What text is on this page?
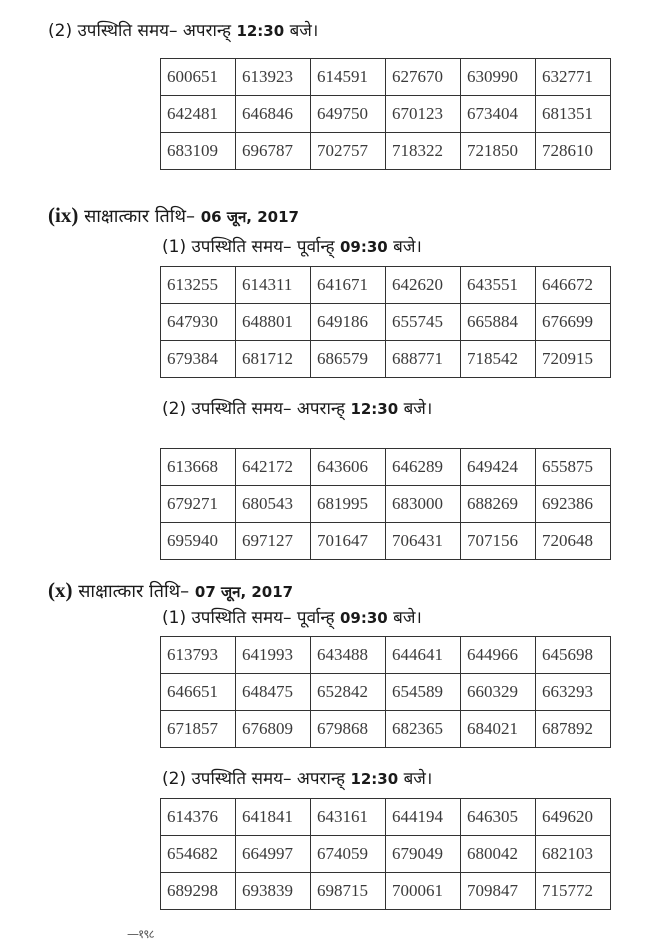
(2) उपस्थिति समय– अपरान्ह् 12:30 बजे।
600651	613923	614591	627670	630990	632771
642481	646846	649750	670123	673404	681351
683109	696787	702757	718322	721850	728610
(ix) साक्षात्कार तिथि– 06 जून, 2017
(1) उपस्थिति समय– पूर्वान्ह् 09:30 बजे।
613255	614311	641671	642620	643551	646672
647930	648801	649186	655745	665884	676699
679384	681712	686579	688771	718542	720915
(2) उपस्थिति समय– अपरान्ह् 12:30 बजे।
613668	642172	643606	646289	649424	655875
679271	680543	681995	683000	688269	692386
695940	697127	701647	706431	707156	720648
(x) साक्षात्कार तिथि– 07 जून, 2017
(1) उपस्थिति समय– पूर्वान्ह् 09:30 बजे।
613793	641993	643488	644641	644966	645698
646651	648475	652842	654589	660329	663293
671857	676809	679868	682365	684021	687892
(2) उपस्थिति समय– अपरान्ह् 12:30 बजे।
614376	641841	643161	644194	646305	649620
654682	664997	674059	679049	680042	682103
689298	693839	698715	700061	709847	715772
—१९८
